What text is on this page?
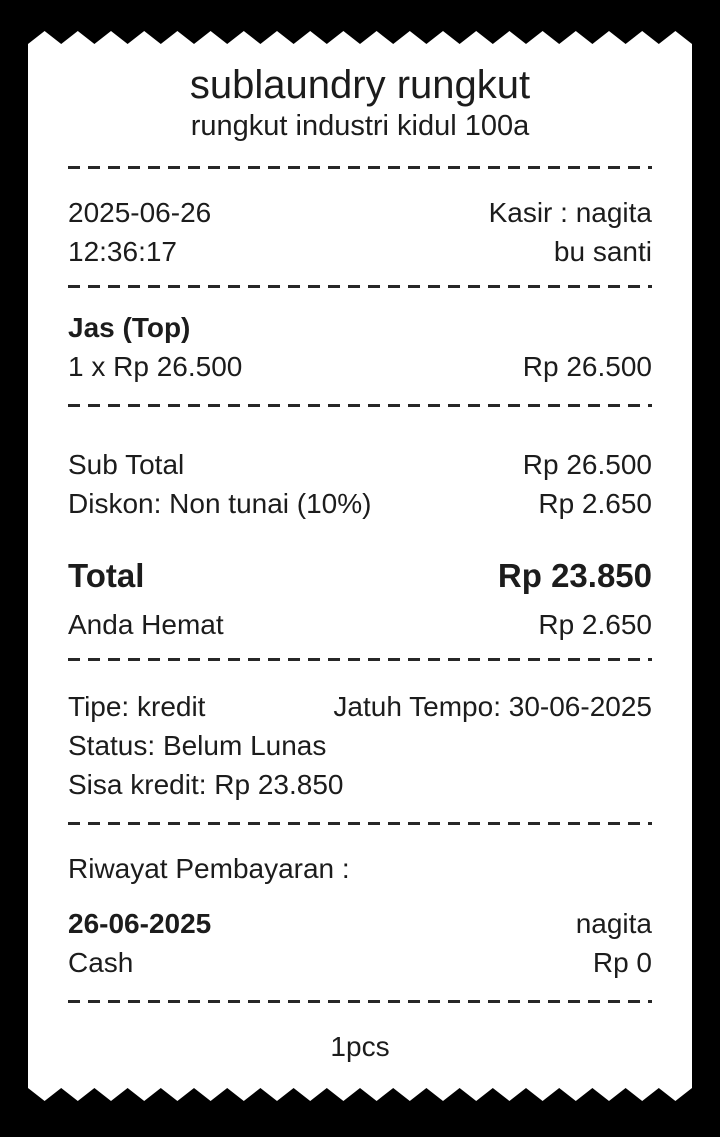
sublaundry rungkut
rungkut industri kidul 100a
2025-06-26	Kasir : nagita
12:36:17	bu santi
Jas (Top)
1 x Rp 26.500	Rp 26.500
Sub Total	Rp 26.500
Diskon: Non tunai (10%)	Rp 2.650
Total	Rp 23.850
Anda Hemat	Rp 2.650
Tipe: kredit	Jatuh Tempo: 30-06-2025
Status: Belum Lunas
Sisa kredit: Rp 23.850
Riwayat Pembayaran :
26-06-2025	nagita
Cash	Rp 0
1pcs
